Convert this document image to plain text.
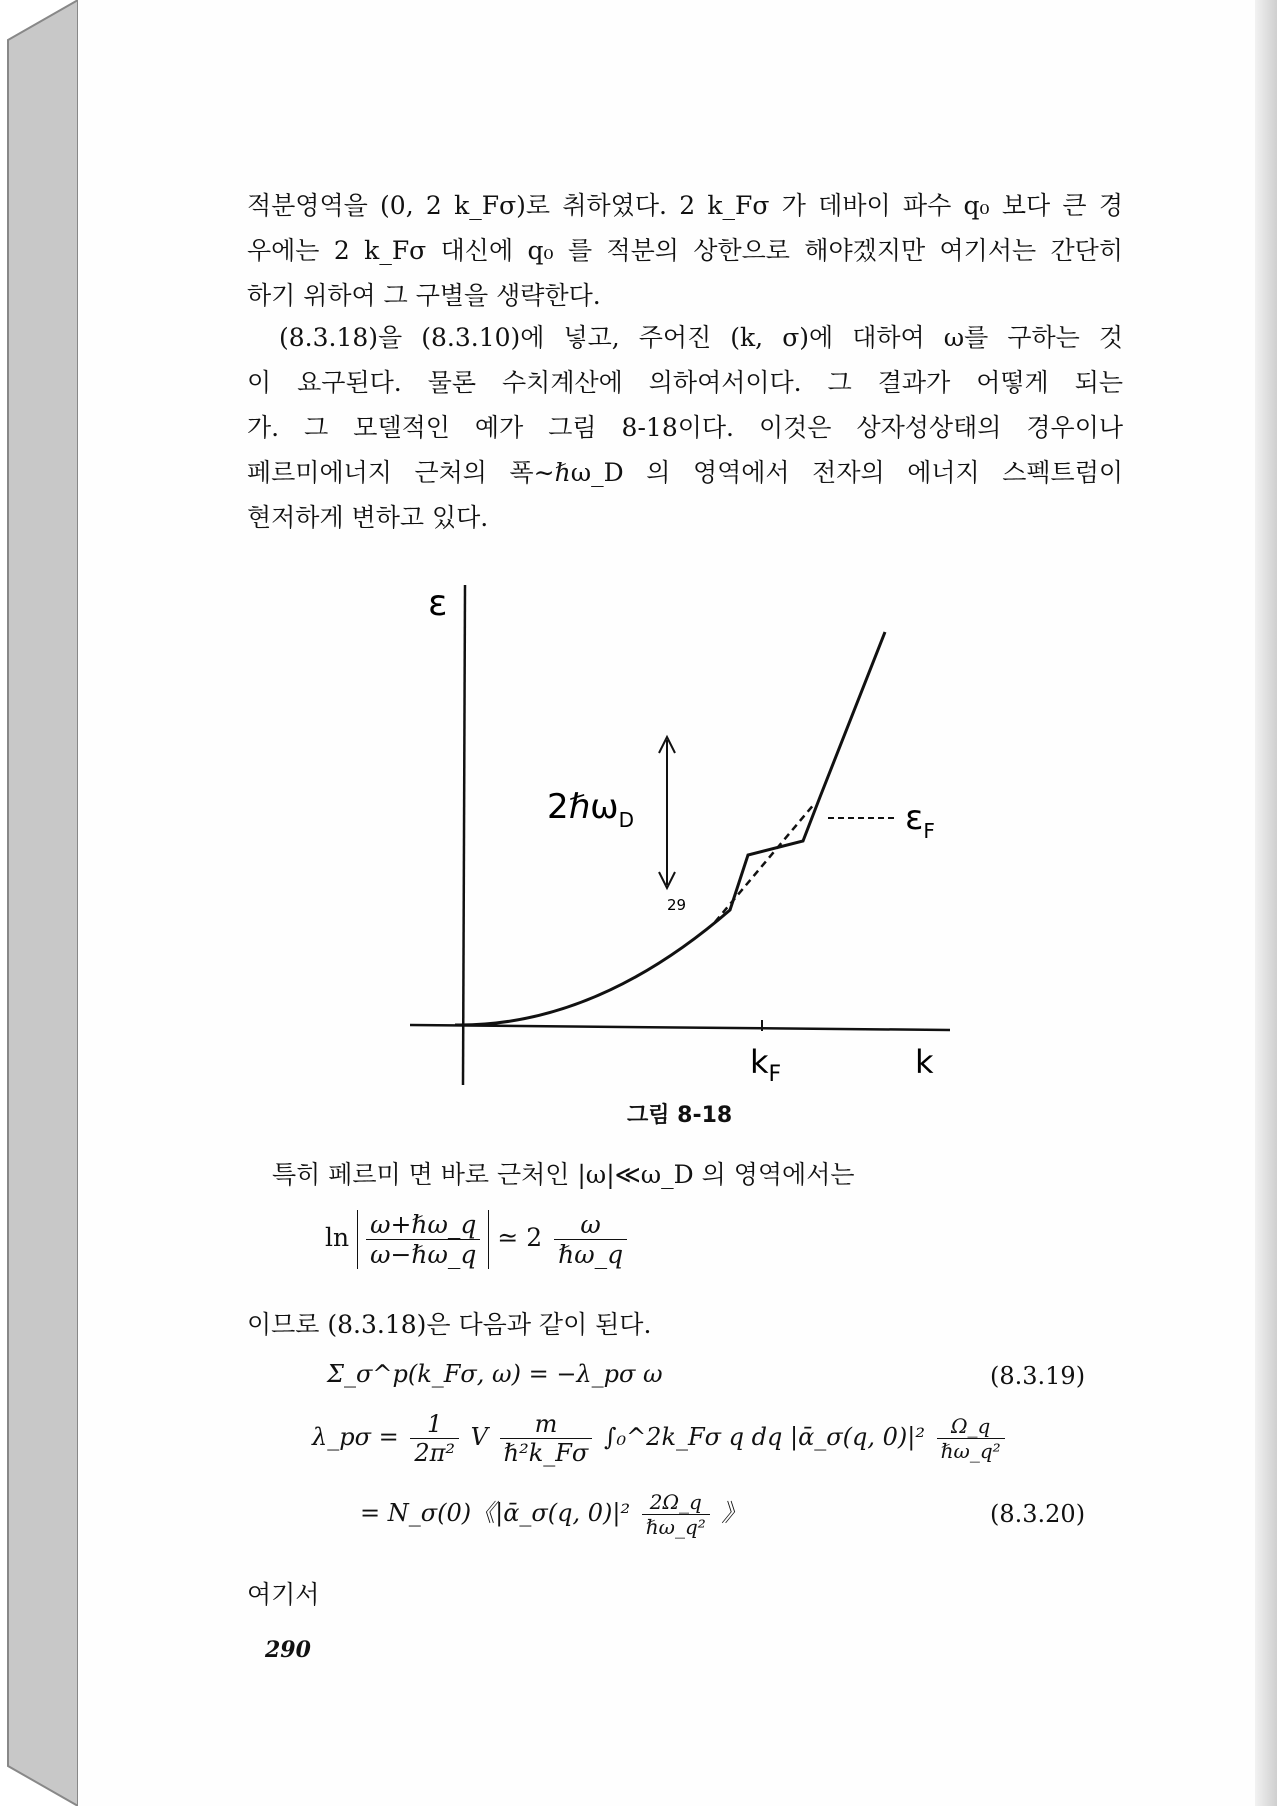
적분영역을 (0, 2 k_Fσ)로 취하였다. 2 k_Fσ 가 데바이 파수 q₀ 보다 큰 경
우에는 2 k_Fσ 대신에 q₀ 를 적분의 상한으로 해야겠지만 여기서는 간단히
하기 위하여 그 구별을 생략한다.
(8.3.18)을 (8.3.10)에 넣고, 주어진 (k, σ)에 대하여 ω를 구하는 것
이 요구된다. 물론 수치계산에 의하여서이다. 그 결과가 어떻게 되는
가. 그 모델적인 예가 그림 8-18이다. 이것은 상자성상태의 경우이나
페르미에너지 근처의 폭∼ℏω_D 의 영역에서 전자의 에너지 스펙트럼이
현저하게 변하고 있다.
ε
k
$k_F$
2ℏω$_D$	$\varepsilon_F$
29
그림 8-18
특히 페르미 면 바로 근처인 |ω|≪ω_D 의 영역에서는
$\ln \frac{\text{ω+ℏω\_q}}{\text{ω−ℏω\_q}}$ ≃ $2 \frac{\omega}{\text{ℏω\_q}}$
이므로 (8.3.18)은 다음과 같이 된다.
Σ_σ^p(k_Fσ, ω) = −λ_pσ ω	(8.3.19)
λ_pσ = $\frac{1}{\text{2π²}}$ V $\frac{m}{\text{ℏ²k\_Fσ}}$ ∫₀^2k_Fσ q dq |ᾱ_σ(q, $0)|^2 \frac{\Omega\_q}{\text{ℏω\_q²}}$
= N_σ(0)《|ᾱ_σ(q, $0)|^2 \frac{2\Omega\_q}{\text{ℏω\_q²}}$ 》	(8.3.20)
여기서
290
